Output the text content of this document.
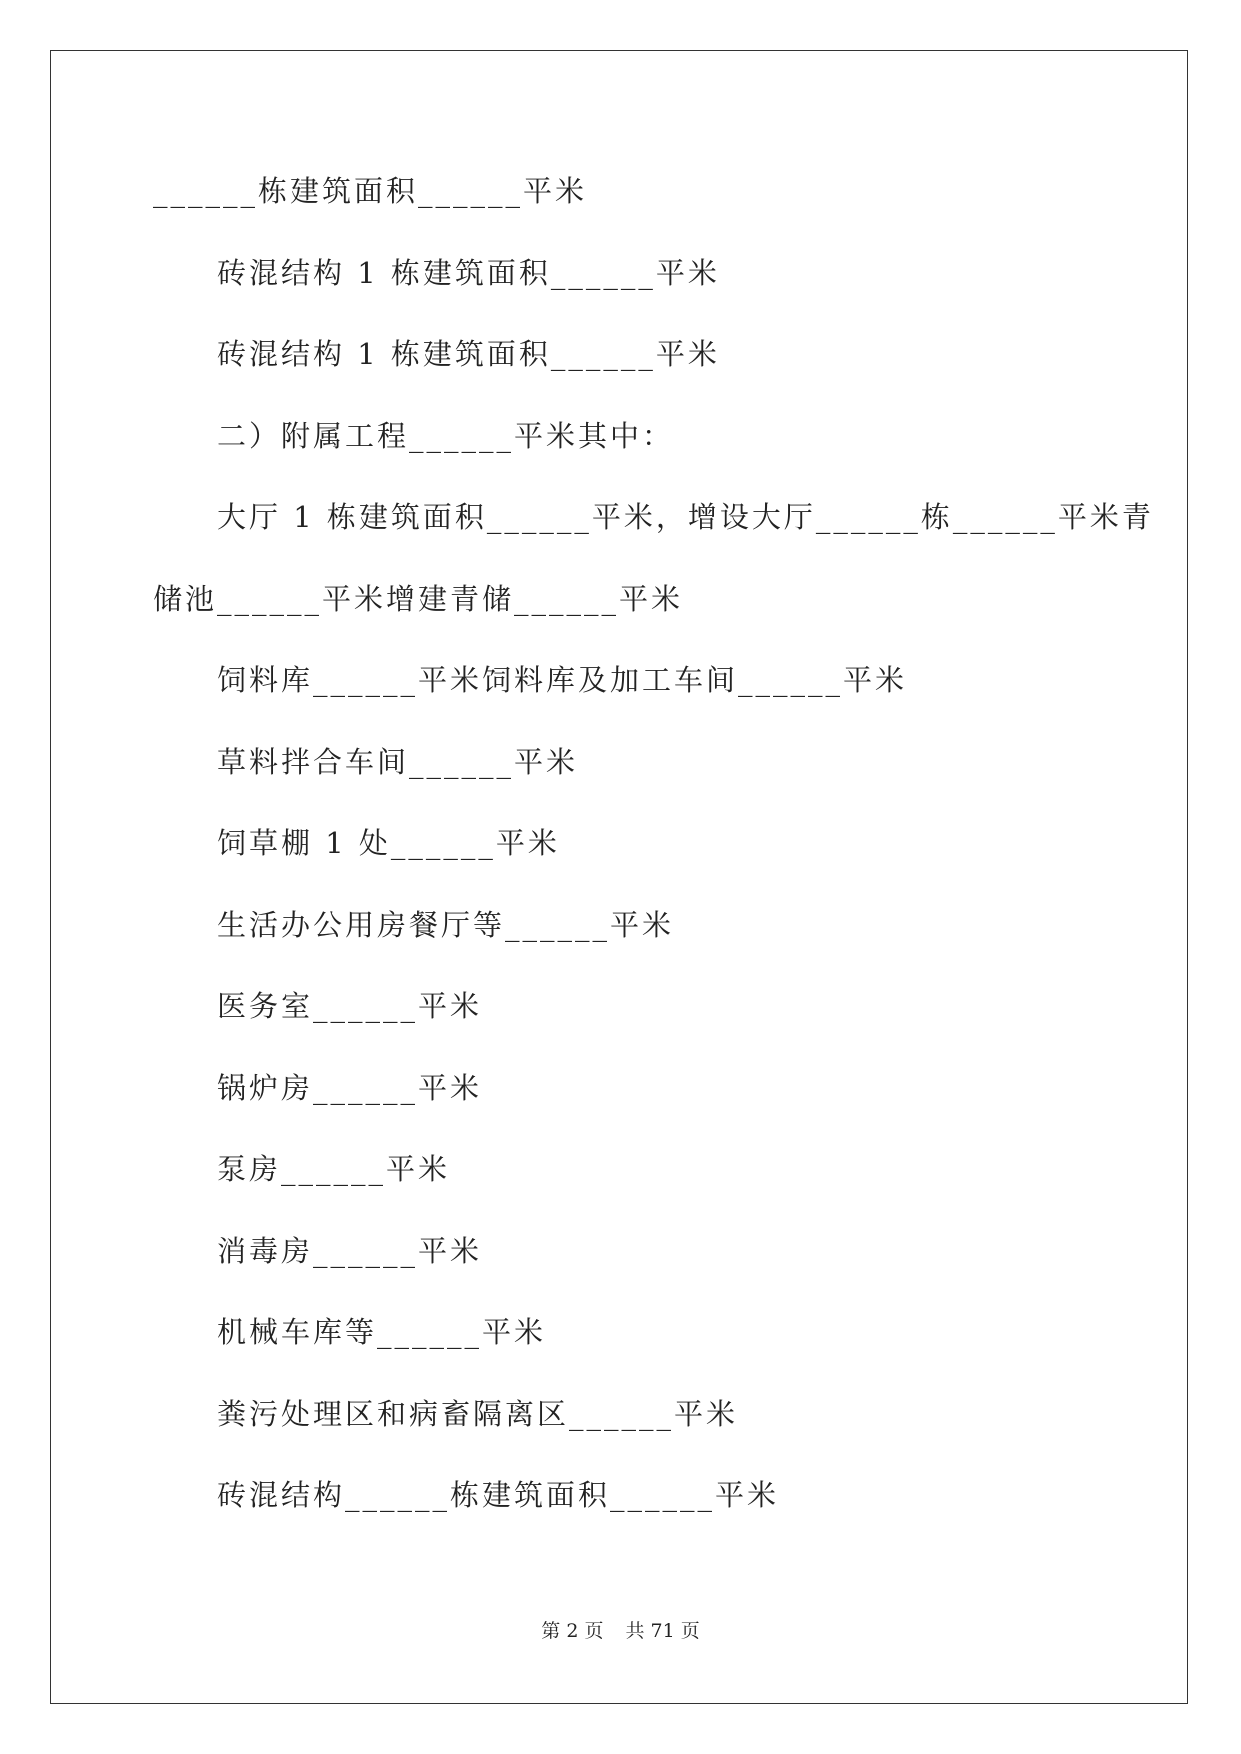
______栋建筑面积______平米
砖混结构 1 栋建筑面积______平米
砖混结构 1 栋建筑面积______平米
二）附属工程______平米其中：
大厅 1 栋建筑面积______平米，增设大厅______栋______平米青
储池______平米增建青储______平米
饲料库______平米饲料库及加工车间______平米
草料拌合车间______平米
饲草棚 1 处______平米
生活办公用房餐厅等______平米
医务室______平米
锅炉房______平米
泵房______平米
消毒房______平米
机械车库等______平米
粪污处理区和病畜隔离区______平米
砖混结构______栋建筑面积______平米
第 2 页 共 71 页
